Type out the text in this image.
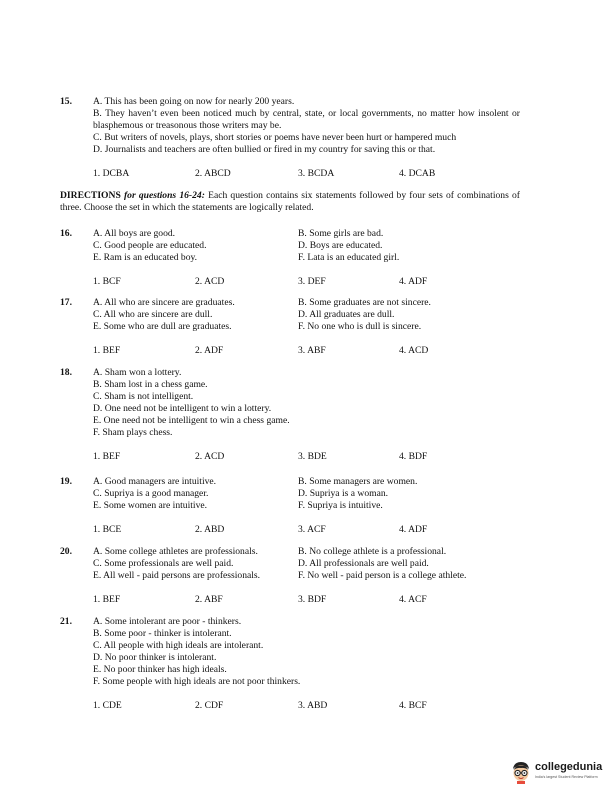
15. A. This has been going on now for nearly 200 years.
B. They haven’t even been noticed much by central, state, or local governments, no matter how insolent or blasphemous or treasonous those writers may be.
C. But writers of novels, plays, short stories or poems have never been hurt or hampered much
D. Journalists and teachers are often bullied or fired in my country for saving this or that.
1. DCBA	2. ABCD	3. BCDA	4. DCAB
DIRECTIONS for questions 16-24: Each question contains six statements followed by four sets of combinations of three. Choose the set in which the statements are logically related.
16. A. All boys are good.	B. Some girls are bad.
C. Good people are educated.	D. Boys are educated.
E. Ram is an educated boy.	F. Lata is an educated girl.
1. BCF	2. ACD	3. DEF	4. ADF
17. A. All who are sincere are graduates.	B. Some graduates are not sincere.
C. All who are sincere are dull.	D. All graduates are dull.
E. Some who are dull are graduates.	F. No one who is dull is sincere.
1. BEF	2. ADF	3. ABF	4. ACD
18. A. Sham won a lottery.
B. Sham lost in a chess game.
C. Sham is not intelligent.
D. One need not be intelligent to win a lottery.
E. One need not be intelligent to win a chess game.
F. Sham plays chess.
1. BEF	2. ACD	3. BDE	4. BDF
19. A. Good managers are intuitive.	B. Some managers are women.
C. Supriya is a good manager.	D. Supriya is a woman.
E. Some women are intuitive.	F. Supriya is intuitive.
1. BCE	2. ABD	3. ACF	4. ADF
20. A. Some college athletes are professionals.	B. No college athlete is a professional.
C. Some professionals are well paid.	D. All professionals are well paid.
E. All well - paid persons are professionals.	F. No well - paid person is a college athlete.
1. BEF	2. ABF	3. BDF	4. ACF
21. A. Some intolerant are poor - thinkers.
B. Some poor - thinker is intolerant.
C. All people with high ideals are intolerant.
D. No poor thinker is intolerant.
E. No poor thinker has high ideals.
F. Some people with high ideals are not poor thinkers.
1. CDE	2. CDF	3. ABD	4. BCF
collegedunia
India's largest Student Review Platform
